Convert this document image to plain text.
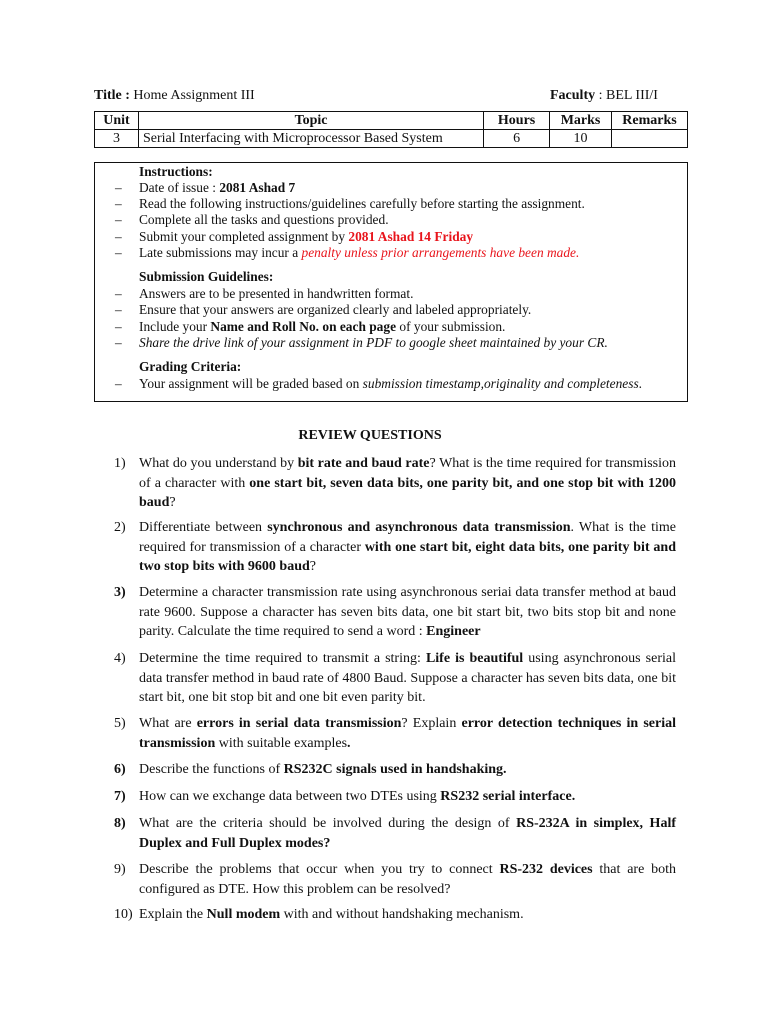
Title : Home Assignment III	Faculty : BEL III/I
Unit	Topic	Hours	Marks	Remarks
3	Serial Interfacing with Microprocessor Based System	6	10	
Instructions:
– Date of issue : 2081 Ashad 7
– Read the following instructions/guidelines carefully before starting the assignment.
– Complete all the tasks and questions provided.
– Submit your completed assignment by 2081 Ashad 14 Friday
– Late submissions may incur a penalty unless prior arrangements have been made.
Submission Guidelines:
– Answers are to be presented in handwritten format.
– Ensure that your answers are organized clearly and labeled appropriately.
– Include your Name and Roll No. on each page of your submission.
– Share the drive link of your assignment in PDF to google sheet maintained by your CR.
Grading Criteria:
– Your assignment will be graded based on submission timestamp,originality and completeness.
REVIEW QUESTIONS
1) What do you understand by bit rate and baud rate? What is the time required for transmission of a character with one start bit, seven data bits, one parity bit, and one stop bit with 1200 baud?
2) Differentiate between synchronous and asynchronous data transmission. What is the time required for transmission of a character with one start bit, eight data bits, one parity bit and two stop bits with 9600 baud?
3) Determine a character transmission rate using asynchronous seriai data transfer method at baud rate 9600. Suppose a character has seven bits data, one bit start bit, two bits stop bit and none parity. Calculate the time required to send a word : Engineer
4) Determine the time required to transmit a string: Life is beautiful using asynchronous serial data transfer method in baud rate of 4800 Baud. Suppose a character has seven bits data, one bit start bit, one bit stop bit and one bit even parity bit.
5) What are errors in serial data transmission? Explain error detection techniques in serial transmission with suitable examples.
6) Describe the functions of RS232C signals used in handshaking.
7) How can we exchange data between two DTEs using RS232 serial interface.
8) What are the criteria should be involved during the design of RS-232A in simplex, Half Duplex and Full Duplex modes?
9) Describe the problems that occur when you try to connect RS-232 devices that are both configured as DTE. How this problem can be resolved?
10) Explain the Null modem with and without handshaking mechanism.
